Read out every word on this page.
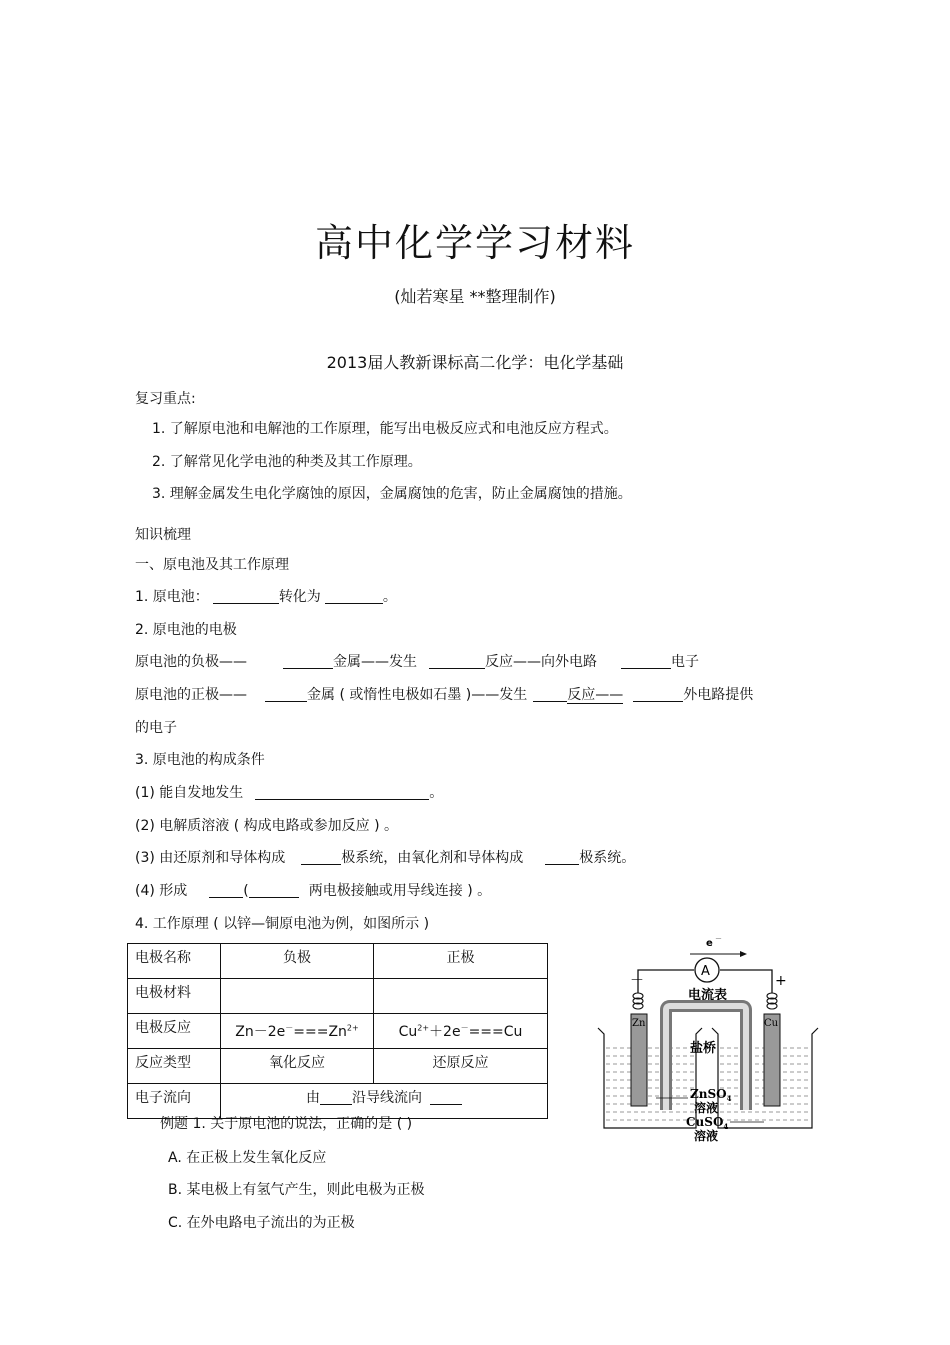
高中化学学习材料
(灿若寒星 **整理制作)
2013届人教新课标高二化学：电化学基础
复习重点:
1. 了解原电池和电解池的工作原理，能写出电极反应式和电池反应方程式。
2. 了解常见化学电池的种类及其工作原理。
3. 理解金属发生电化学腐蚀的原因，金属腐蚀的危害，防止金属腐蚀的措施。
知识梳理
一、原电池及其工作原理
1. 原电池：	转化为	。
2. 原电池的电极
原电池的负极——	金属——发生	反应——向外电路	电子
原电池的正极——	金属 ( 或惰性电极如石墨 )——发生	反应——	外电路提供
的电子
3. 原电池的构成条件
(1) 能自发地发生	。
(2) 电解质溶液 ( 构成电路或参加反应 ) 。
(3) 由还原剂和导体构成	极系统，由氧化剂和导体构成	极系统。
(4) 形成	(	两电极接触或用导线连接 ) 。
4. 工作原理 ( 以锌—铜原电池为例，如图所示 )
电极名称	负极	正极
电极材料		
电极反应	$Zn-2e^-===Zn^{2+}$	$Cu^{2+}+2e^-===Cu$
反应类型	氧化反应	还原反应
电子流向	由 沿导线流向	
e －
A
电流表
－	+
盐桥
Zn	Cu
ZnSO$_4$
溶液
CuSO$_4$
溶液
例题 1. 关于原电池的说法，正确的是 ( )
A. 在正极上发生氧化反应
B. 某电极上有氢气产生，则此电极为正极
C. 在外电路电子流出的为正极
